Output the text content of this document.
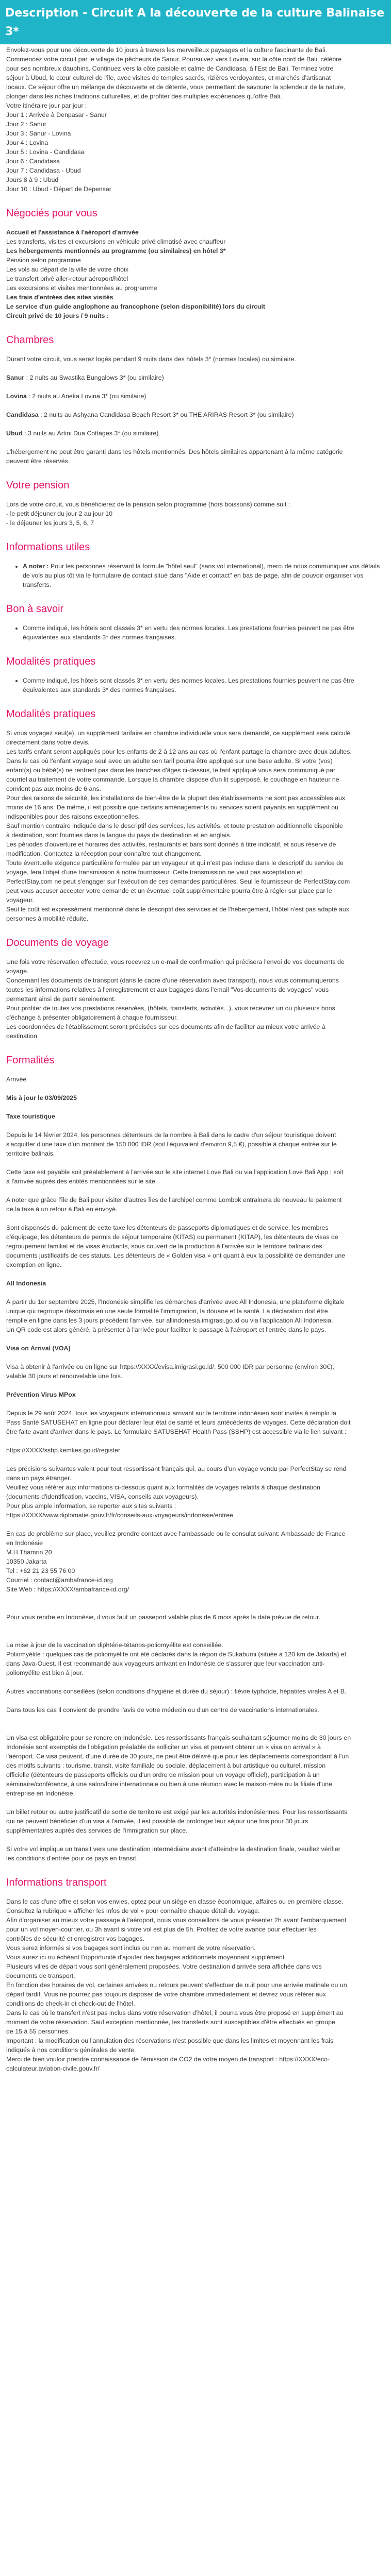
Description - Circuit A la découverte de la culture Balinaise 3*

Envolez-vous pour une découverte de 10 jours à travers les merveilleux paysages et la culture fascinante de Bali.

Commencez votre circuit par le village de pêcheurs de Sanur. Poursuivez vers Lovina, sur la côte nord de Bali, célèbre

pour ses nombreux dauphins. Continuez vers la côte paisible et calme de Candidasa, à l'Est de Bali. Terminez votre

séjour à Ubud, le cœur culturel de l'île, avec visites de temples sacrés, rizières verdoyantes, et marchés d'artisanat

locaux. Ce séjour offre un mélange de découverte et de détente, vous permettant de savourer la splendeur de la nature,

plonger dans les riches traditions culturelles, et de profiter des multiples expériences qu'offre Bali.

Votre itinéraire jour par jour :

Jour 1 : Arrivée à Denpasar - Sanur

Jour 2 : Sanur

Jour 3 : Sanur - Lovina

Jour 4 : Lovina

Jour 5 : Lovina - Candidasa

Jour 6 : Candidasa

Jour 7 : Candidasa - Ubud

Jours 8 à 9 : Ubud

Jour 10 : Ubud - Départ de Depensar

Négociés pour vous

Accueil et l'assistance à l'aéroport d'arrivée

Les transferts, visites et excursions en véhicule privé climatisé avec chauffeur

Les hébergements mentionnés au programme (ou similaires) en hôtel 3*

Pension selon programme

Les vols au départ de la ville de votre choix

Le transfert privé aller-retour aéroport/hôtel

Les excursions et visites mentionnées au programme

Les frais d'entrées des sites visités

Le service d'un guide anglophone au francophone (selon disponibilité) lors du circuit

Circuit privé de 10 jours / 9 nuits :

Chambres

Durant votre circuit, vous serez logés pendant 9 nuits dans des hôtels 3* (normes locales) ou similaire.

Sanur : 2 nuits au Swastika Bungalows 3* (ou similaire)

Lovina : 2 nuits au Aneka Lovina 3* (ou similaire)

Candidasa : 2 nuits au Ashyana Candidasa Beach Resort 3* ou THE ARIRAS Resort 3* (ou similaire)

Ubud : 3 nuits au Artini Dua Cottages 3* (ou similaire)

L'hébergement ne peut être garanti dans les hôtels mentionnés. Des hôtels similaires appartenant à la même catégorie

peuvent être réservés.

Votre pension

Lors de votre circuit, vous bénéficierez de la pension selon programme (hors boissons) comme suit :

- le petit déjeuner du jour 2 au jour 10

- le déjeuner les jours 3, 5, 6, 7

Informations utiles
• A noter : Pour les personnes réservant la formule "hôtel seul" (sans vol international), merci de nous communiquer vos détails de vols au plus tôt via le formulaire de contact situé dans "Aide et contact" en bas de page, afin de pouvoir organiser vos transferts.
Bon à savoir
• Comme indiqué, les hôtels sont classés 3* en vertu des normes locales. Les prestations fournies peuvent ne pas être équivalentes aux standards 3* des normes françaises.
Modalités pratiques
• Comme indiqué, les hôtels sont classés 3* en vertu des normes locales. Les prestations fournies peuvent ne pas être équivalentes aux standards 3* des normes françaises.
Modalités pratiques

Si vous voyagez seul(e), un supplément tarifaire en chambre individuelle vous sera demandé, ce supplément sera calculé

directement dans votre devis.

Les tarifs enfant seront appliqués pour les enfants de 2 à 12 ans au cas où l'enfant partage la chambre avec deux adultes.

Dans le cas où l'enfant voyage seul avec un adulte son tarif pourra être appliqué sur une base adulte. Si votre (vos)

enfant(s) ou bébé(s) ne rentrent pas dans les tranches d'âges ci-dessus, le tarif appliqué vous sera communiqué par

courriel au traitement de votre commande. Lorsque la chambre dispose d'un lit superposé, le couchage en hauteur ne

convient pas aux moins de 6 ans.

Pour des raisons de sécurité, les installations de bien-être de la plupart des établissements ne sont pas accessibles aux

moins de 16 ans. De même, il est possible que certains aménagements ou services soient payants en supplément ou

indisponibles pour des raisons exceptionnelles.

Sauf mention contraire indiquée dans le descriptif des services, les activités, et toute prestation additionnelle disponible

à destination, sont fournies dans la langue du pays de destination et en anglais.

Les périodes d'ouverture et horaires des activités, restaurants et bars sont donnés à titre indicatif, et sous réserve de

modification. Contactez la réception pour connaître tout changement.

Toute éventuelle exigence particulière formulée par un voyageur et qui n'est pas incluse dans le descriptif du service de

voyage, fera l'objet d'une transmission à notre fournisseur. Cette transmission ne vaut pas acceptation et

PerfectStay.com ne peut s'engager sur l'exécution de ces demandes particulières. Seul le fournisseur de PerfectStay.com

peut vous accuser accepter votre demande et un éventuel coût supplémentaire pourra être à régler sur place par le

voyageur.

Seul le coût est expressément mentionné dans le descriptif des services et de l'hébergement, l'hôtel n'est pas adapté aux

personnes à mobilité réduite.

Documents de voyage

Une fois votre réservation effectuée, vous recevrez un e-mail de confirmation qui précisera l'envoi de vos documents de

voyage.

Concernant les documents de transport (dans le cadre d'une réservation avec transport), nous vous communiquerons

toutes les informations relatives à l'enregistrement et aux bagages dans l'email "Vos documents de voyages" vous

permettant ainsi de partir sereinement.

Pour profiter de toutes vos prestations réservées, (hôtels, transferts, activités...), vous recevrez un ou plusieurs bons

d'échange à présenter obligatoirement à chaque fournisseur.

Les coordonnées de l'établissement seront précisées sur ces documents afin de faciliter au mieux votre arrivée à

destination.

Formalités

Arrivée

Mis à jour le 03/09/2025

Taxe touristique

Depuis le 14 février 2024, les personnes détenteurs de la nombre à Bali dans le cadre d'un séjour touristique doivent

s'acquitter d'une taxe d'un montant de 150 000 IDR (soit l'équivalent d'environ 9,5 €), possible à chaque entrée sur le

territoire balinais.

Cette taxe est payable soit préalablement à l'arrivée sur le site internet Love Bali ou via l'application Love Bali App ; soit

à l'arrivée auprès des entités mentionnées sur le site.

A noter que grâce l'île de Bali pour visiter d'autres îles de l'archipel comme Lombok entrainera de nouveau le paiement

de la taxe à un retour à Bali en envoyé.

Sont dispensés du paiement de cette taxe les détenteurs de passeports diplomatiques et de service, les membres

d'équipage, les détenteurs de permis de séjour temporaire (KITAS) ou permanent (KITAP), les détenteurs de visas de

regroupement familial et de visas étudiants, sous couvert de la production à l'arrivée sur le territoire balinais des

documents justificatifs de ces statuts. Les détenteurs de « Golden visa » ont quant à eux la possibilité de demander une

exemption en ligne.

All Indonesia

À partir du 1er septembre 2025, l'Indonésie simplifie les démarches d'arrivée avec All Indonesia, une plateforme digitale

unique qui regroupe désormais en une seule formalité l'immigration, la douane et la santé. La déclaration doit être

remplie en ligne dans les 3 jours précédent l'arrivée, sur allindonesia.imigrasi.go.id ou via l'application All Indonesia.

Un QR code est alors généré, à présenter à l'arrivée pour faciliter le passage à l'aéroport et l'entrée dans le pays.

Visa on Arrival (VOA)

Visa à obtenir à l'arrivée ou en ligne sur https://XXXX/evisa.imigrasi.go.id/, 500 000 IDR par personne (environ 30€),

valable 30 jours et renouvelable une fois.

Prévention Virus MPox

Depuis le 29 août 2024, tous les voyageurs internationaux arrivant sur le territoire indonésien sont invités à remplir la

Pass Santé SATUSEHAT en ligne pour déclarer leur état de santé et leurs antécédents de voyages. Cette déclaration doit

être faite avant d'arriver dans le pays. Le formulaire SATUSEHAT Health Pass (SSHP) est accessible via le lien suivant :

https://XXXX/sshp.kemkes.go.id/register

Les précisions suivantes valent pour tout ressortissant français qui, au cours d'un voyage vendu par PerfectStay se rend

dans un pays étranger.

Veuillez vous référer aux informations ci-dessous quant aux formalités de voyages relatifs à chaque destination

(documents d'identification, vaccins, VISA, conseils aux voyageurs).

Pour plus ample information, se reporter aux sites suivants :

https://XXXX/www.diplomatie.gouv.fr/fr/conseils-aux-voyageurs/indonesie/entree

En cas de problème sur place, veuillez prendre contact avec l'ambassade ou le consulat suivant: Ambassade de France

en Indonésie

M.H Thamrin 20

10350 Jakarta

Tel : +62 21 23 55 76 00

Courriel : contact@ambafrance-id.org

Site Web : https://XXXX/ambafrance-id.org/

Pour vous rendre en Indonésie, il vous faut un passeport valable plus de 6 mois après la date prévue de retour.

La mise à jour de la vaccination diphtérie-tétanos-poliomyélite est conseillée.

Poliomyélite : quelques cas de poliomyélite ont été déclarés dans la région de Sukabumi (située à 120 km de Jakarta) et

dans Java-Ouest. Il est recommandé aux voyageurs arrivant en Indonésie de s'assurer que leur vaccination anti-

poliomyélite est bien à jour.

Autres vaccinations conseillées (selon conditions d'hygiène et durée du séjour) : fièvre typhoïde, hépatites virales A et B.

Dans tous les cas il convient de prendre l'avis de votre médecin ou d'un centre de vaccinations internationales.

Un visa est obligatoire pour se rendre en Indonésie. Les ressortissants français souhaitant séjourner moins de 30 jours en

Indonésie sont exemptés de l'obligation préalable de solliciter un visa et peuvent obtenir un « visa on arrival » à

l'aéroport. Ce visa peuvent, d'une durée de 30 jours, ne peut être délivré que pour les déplacements correspondant à l'un

des motifs suivants : tourisme, transit, visite familiale ou sociale, déplacement à but artistique ou culturel, mission

officielle (détenteurs de passeports officiels ou d'un ordre de mission pour un voyage officiel), participation à un

séminaire/conférence, à une salon/foire internationale ou bien à une réunion avec le maison-mère ou la filiale d'une

entreprise en Indonésie.

Un billet retour ou autre justificatif de sortie de territoire est exigé par les autorités indonésiennes. Pour les ressortissants

qui ne peuvent bénéficier d'un visa à l'arrivée, il est possible de prolonger leur séjour une fois pour 30 jours

supplémentaires auprès des services de l'immigration sur place.

Si votre vol implique un transit vers une destination intermédiaire avant d'atteindre la destination finale, veuillez vérifier

les conditions d'entrée pour ce pays en transit.

Informations transport

Dans le cas d'une offre et selon vos envies, optez pour un siège en classe économique, affaires ou en première classe.

Consultez la rubrique « afficher les infos de vol » pour connaître chaque détail du voyage.

Afin d'organiser au mieux votre passage à l'aéroport, nous vous conseillons de vous présenter 2h avant l'embarquement

pour un vol moyen-courrier, ou 3h avant si votre vol est plus de 5h. Profitez de votre avance pour effectuer les

contrôles de sécurité et enregistrer vos bagages.

Vous serez informés si vos bagages sont inclus ou non au moment de votre réservation.

Vous aurez ici ou échéant l'opportunité d'ajouter des bagages additionnels moyennant supplément

Plusieurs villes de départ vous sont généralement proposées. Votre destination d'arrivée sera affichée dans vos

documents de transport.

En fonction des horaires de vol, certaines arrivées ou retours peuvent s'effectuer de nuit pour une arrivée matinale ou un

départ tardif. Vous ne pourrez pas toujours disposer de votre chambre immédiatement et devrez vous référer aux

conditions de check-in et check-out de l'hôtel.

Dans le cas où le transfert n'est pas inclus dans votre réservation d'hôtel, il pourra vous être proposé en supplément au

moment de votre réservation. Sauf exception mentionnée, les transferts sont susceptibles d'être effectués en groupe

de 15 à 55 personnes.

Important : la modification ou l'annulation des réservations n'est possible que dans les limites et moyennant les frais

indiqués à nos conditions générales de vente.

Merci de bien vouloir prendre connaissance de l'émission de CO2 de votre moyen de transport : https://XXXX/eco-

calculateur.aviation-civile.gouv.fr/
